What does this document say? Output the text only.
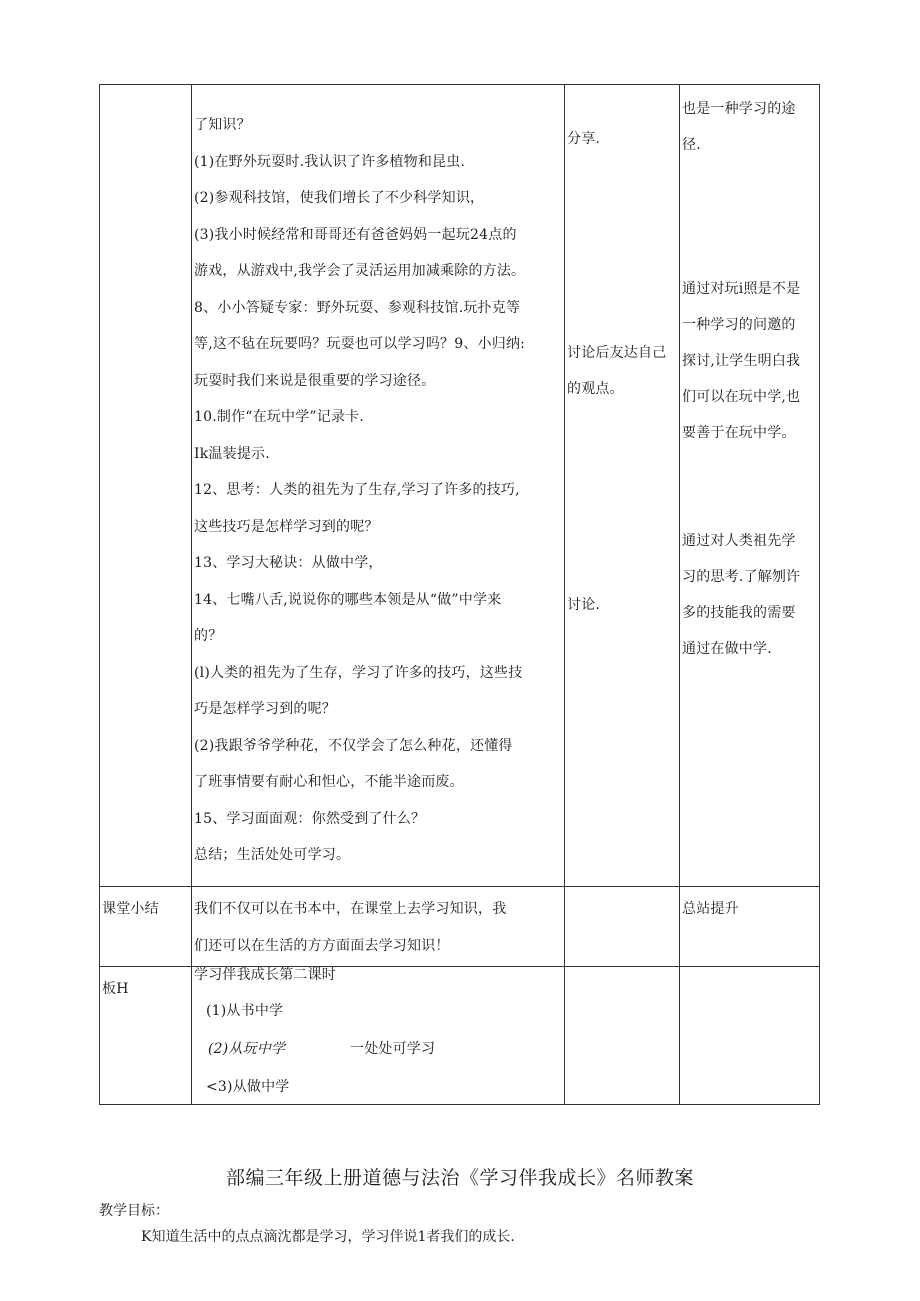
了知识？
(1)在野外玩耍时.我认识了许多植物和昆虫.
(2)参观科技馆，使我们增长了不少科学知识，
(3)我小时候经常和哥哥还有爸爸妈妈一起玩24点的
游戏，从游戏中,我学会了灵活运用加减乘除的方法。
8、小小答疑专家：野外玩耍、参观科技馆.玩扑克等
等,这不毡在玩要吗？玩耍也可以学习吗？9、小归纳:
玩耍时我们来说是很重要的学习途径。
10.制作“在玩中学”记录卡.
Ik温装提示.
12、思考：人类的祖先为了生存,学习了许多的技巧,
这些技巧是怎样学习到的呢？
13、学习大秘诀：从做中学，
14、七嘴八舌,说说你的哪些本领是从“做”中学来
的？
(l)人类的祖先为了生存，学习了许多的技巧，这些技
巧是怎样学习到的呢？
(2)我跟爷爷学种花，不仅学会了怎么种花，还懂得
了班事情要有耐心和怛心，不能半途而废。
15、学习面面观：你然受到了什么？
总结；生活处处可学习。
分享.
讨论后友达自己
的观点。
讨论.
也是一种学习的途
径.
通过对玩i照是不是
一种学习的问邀的
探讨,让学生明白我
们可以在玩中学,也
要善于在玩中学。
通过对人类祖先学
习的思考.了解刎许
多的技能我的需要
通过在做中学.
课堂小结	我们不仅可以在书本中，在课堂上去学习知识，我
们还可以在生活的方方面面去学习知识！
总站提升
板H
学习伴我成长第二课时
(1)从书中学
(2)从玩中学	一处处可学习
<3)从做中学
部编三年级上册道德与法治《学习伴我成长》名师教案
教学目标：
K知道生活中的点点滴沈都是学习，学习伴说1者我们的成长.
